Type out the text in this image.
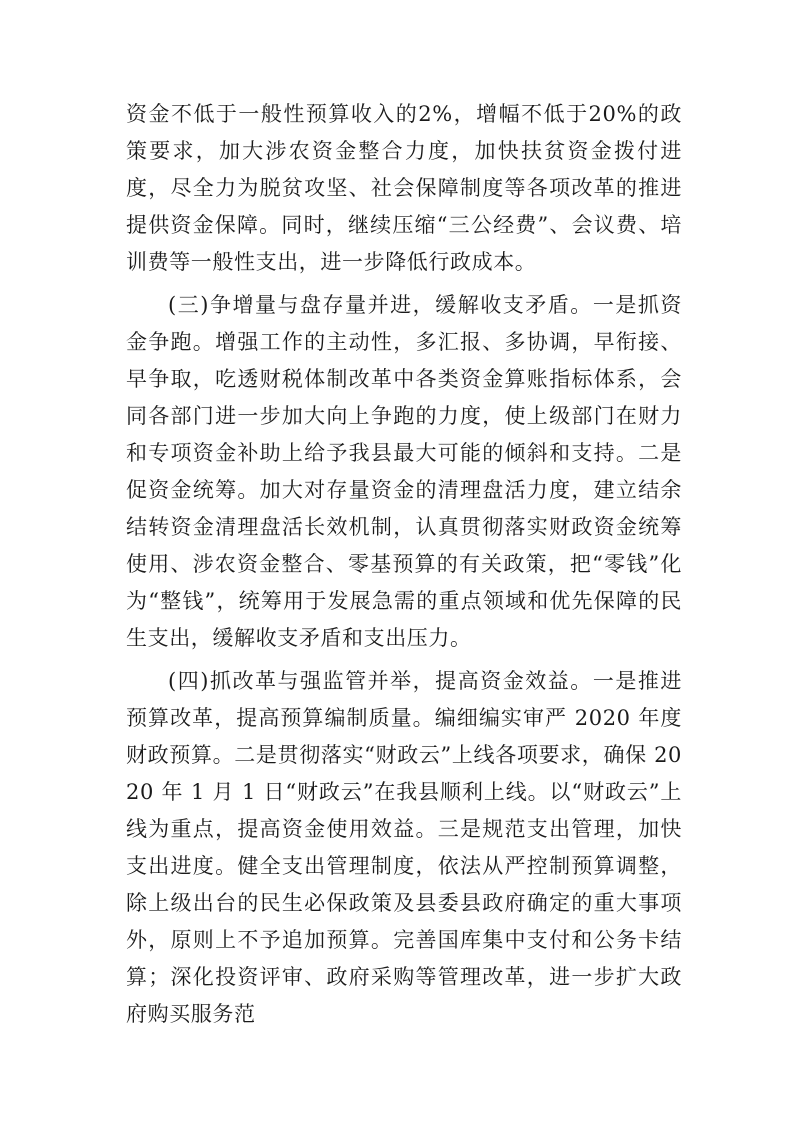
资金不低于一般性预算收入的2%，增幅不低于20%的政策要求，加大涉农资金整合力度，加快扶贫资金拨付进度，尽全力为脱贫攻坚、社会保障制度等各项改革的推进提供资金保障。同时，继续压缩“三公经费”、会议费、培训费等一般性支出，进一步降低行政成本。

(三)争增量与盘存量并进，缓解收支矛盾。一是抓资金争跑。增强工作的主动性，多汇报、多协调，早衔接、早争取，吃透财税体制改革中各类资金算账指标体系，会同各部门进一步加大向上争跑的力度，使上级部门在财力和专项资金补助上给予我县最大可能的倾斜和支持。二是促资金统筹。加大对存量资金的清理盘活力度，建立结余结转资金清理盘活长效机制，认真贯彻落实财政资金统筹使用、涉农资金整合、零基预算的有关政策，把“零钱”化为“整钱”，统筹用于发展急需的重点领域和优先保障的民生支出，缓解收支矛盾和支出压力。

(四)抓改革与强监管并举，提高资金效益。一是推进预算改革，提高预算编制质量。编细编实审严 2020 年度财政预算。二是贯彻落实“财政云”上线各项要求，确保 2020 年 1 月 1 日“财政云”在我县顺利上线。以“财政云”上线为重点，提高资金使用效益。三是规范支出管理，加快支出进度。健全支出管理制度，依法从严控制预算调整，除上级出台的民生必保政策及县委县政府确定的重大事项外，原则上不予追加预算。完善国库集中支付和公务卡结算；深化投资评审、政府采购等管理改革，进一步扩大政府购买服务范
